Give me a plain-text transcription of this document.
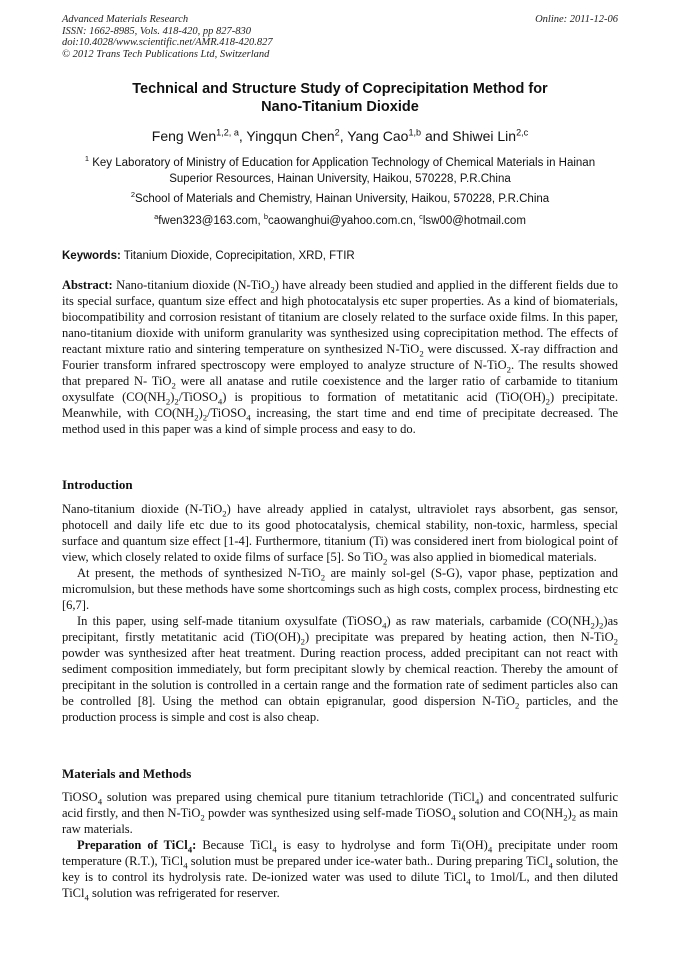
Advanced Materials Research
ISSN: 1662-8985, Vols. 418-420, pp 827-830
doi:10.4028/www.scientific.net/AMR.418-420.827
© 2012 Trans Tech Publications Ltd, Switzerland
Online: 2011-12-06
Technical and Structure Study of Coprecipitation Method for
Nano-Titanium Dioxide
Feng Wen$^{1,2, a}$, Yingqun Chen$^2$, Yang Cao$^{1,b}$ and Shiwei Lin$^{2,c}$
$^1$ Key Laboratory of Ministry of Education for Application Technology of Chemical Materials in Hainan
Superior Resources, Hainan University, Haikou, 570228, P.R.China
$^2$School of Materials and Chemistry, Hainan University, Haikou, 570228, P.R.China
$^a$fwen323@163.com, $^b$caowanghui@yahoo.com.cn, $^c$lsw00@hotmail.com
Keywords: Titanium Dioxide, Coprecipitation, XRD, FTIR
Abstract: Nano-titanium dioxide (N-TiO$_2$) have already been studied and applied in the different fields due to its special surface, quantum size effect and high photocatalysis etc super properties. As a kind of biomaterials, biocompatibility and corrosion resistant of titanium are closely related to the surface oxide films. In this paper, nano-titanium dioxide with uniform granularity was synthesized using coprecipitation method. The effects of reactant mixture ratio and sintering temperature on synthesized N-TiO$_2$ were discussed. X-ray diffraction and Fourier transform infrared spectroscopy were employed to analyze structure of N-TiO$_2$. The results showed that prepared N- TiO$_2$ were all anatase and rutile coexistence and the larger ratio of carbamide to titanium oxysulfate $(CO(NH_2)_2/TiOSO_4)$ is propitious to formation of metatitanic acid $(TiO(OH)_2)$ precipitate. Meanwhile, with $CO(NH_2)_2/TiOSO_4$ increasing, the start time and end time of precipitate decreased. The method used in this paper was a kind of simple process and easy to do.
Introduction

Nano-titanium dioxide (N-TiO$_2$) have already applied in catalyst, ultraviolet rays absorbent, gas sensor, photocell and daily life etc due to its good photocatalysis, chemical stability, non-toxic, harmless, special surface and quantum size effect [1-4]. Furthermore, titanium (Ti) was considered inert from biological point of view, which closely related to oxide films of surface [5]. So TiO$_2$ was also applied in biomedical materials.

At present, the methods of synthesized N-TiO$_2$ are mainly sol-gel (S-G), vapor phase, peptization and micromulsion, but these methods have some shortcomings such as high costs, complex process, birdnesting etc [6,7].

In this paper, using self-made titanium oxysulfate (TiOSO$_4$) as raw materials, carbamide $(CO(NH_2)_2)as$ precipitant, firstly metatitanic acid $(TiO(OH)_2)$ precipitate was prepared by heating action, then N-TiO$_2$ powder was synthesized after heat treatment. During reaction process, added precipitant can not react with sediment composition immediately, but form precipitant slowly by chemical reaction. Thereby the amount of precipitant in the solution is controlled in a certain range and the formation rate of sediment particles also can be controlled [8]. Using the method can obtain epigranular, good dispersion N-TiO$_2$ particles, and the production process is simple and cost is also cheap.

Materials and Methods

TiOSO$_4$ solution was prepared using chemical pure titanium tetrachloride (TiCl$_4$) and concentrated sulfuric acid firstly, and then N-TiO$_2$ powder was synthesized using self-made TiOSO$_4$ solution and $CO(NH_2)_2$ as main raw materials.

Preparation of TiCl$_4$: Because TiCl$_4$ is easy to hydrolyse and form $Ti(OH)_4$ precipitate under room temperature (R.T.), TiCl$_4$ solution must be prepared under ice-water bath.. During preparing TiCl$_4$ solution, the key is to control its hydrolysis rate. De-ionized water was used to dilute TiCl$_4$ to 1mol/L, and then diluted TiCl$_4$ solution was refrigerated for reserver.
